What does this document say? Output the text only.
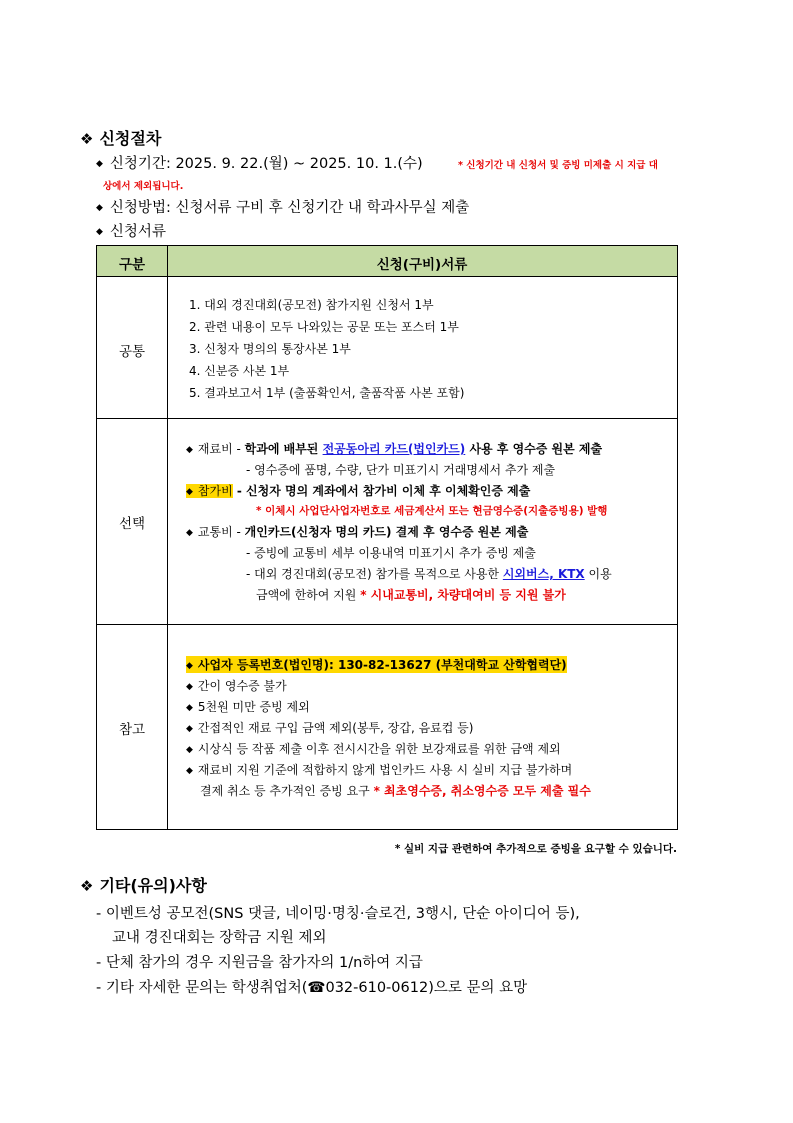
❖ 신청절차
◆ 신청기간: 2025. 9. 22.(월) ~ 2025. 10. 1.(수)	* 신청기간 내 신청서 및 증빙 미제출 시 지급 대
상에서 제외됩니다.
◆ 신청방법: 신청서류 구비 후 신청기간 내 학과사무실 제출
◆ 신청서류
구분	신청(구비)서류
공통
1. 대외 경진대회(공모전) 참가지원 신청서 1부
2. 관련 내용이 모두 나와있는 공문 또는 포스터 1부
3. 신청자 명의의 통장사본 1부
4. 신분증 사본 1부
5. 결과보고서 1부 (출품확인서, 출품작품 사본 포함)
선택
◆ 재료비 - 학과에 배부된 전공동아리 카드(법인카드) 사용 후 영수증 원본 제출
- 영수증에 품명, 수량, 단가 미표기시 거래명세서 추가 제출
◆ 참가비 - 신청자 명의 계좌에서 참가비 이체 후 이체확인증 제출
* 이체시 사업단사업자번호로 세금계산서 또는 현금영수증(지출증빙용) 발행
◆ 교통비 - 개인카드(신청자 명의 카드) 결제 후 영수증 원본 제출
- 증빙에 교통비 세부 이용내역 미표기시 추가 증빙 제출
- 대외 경진대회(공모전) 참가를 목적으로 사용한 시외버스, KTX 이용
금액에 한하여 지원 * 시내교통비, 차량대여비 등 지원 불가
참고
◆ 사업자 등록번호(법인명): 130-82-13627 (부천대학교 산학협력단)
◆ 간이 영수증 불가
◆ 5천원 미만 증빙 제외
◆ 간접적인 재료 구입 금액 제외(봉투, 장갑, 음료컵 등)
◆ 시상식 등 작품 제출 이후 전시시간을 위한 보강재료를 위한 금액 제외
◆ 재료비 지원 기준에 적합하지 않게 법인카드 사용 시 실비 지급 불가하며
결제 취소 등 추가적인 증빙 요구 * 최초영수증, 취소영수증 모두 제출 필수
* 실비 지급 관련하여 추가적으로 증빙을 요구할 수 있습니다.
❖ 기타(유의)사항
- 이벤트성 공모전(SNS 댓글, 네이밍·명칭·슬로건, 3행시, 단순 아이디어 등),
교내 경진대회는 장학금 지원 제외
- 단체 참가의 경우 지원금을 참가자의 1/n하여 지급
- 기타 자세한 문의는 학생취업처(☎032-610-0612)으로 문의 요망
